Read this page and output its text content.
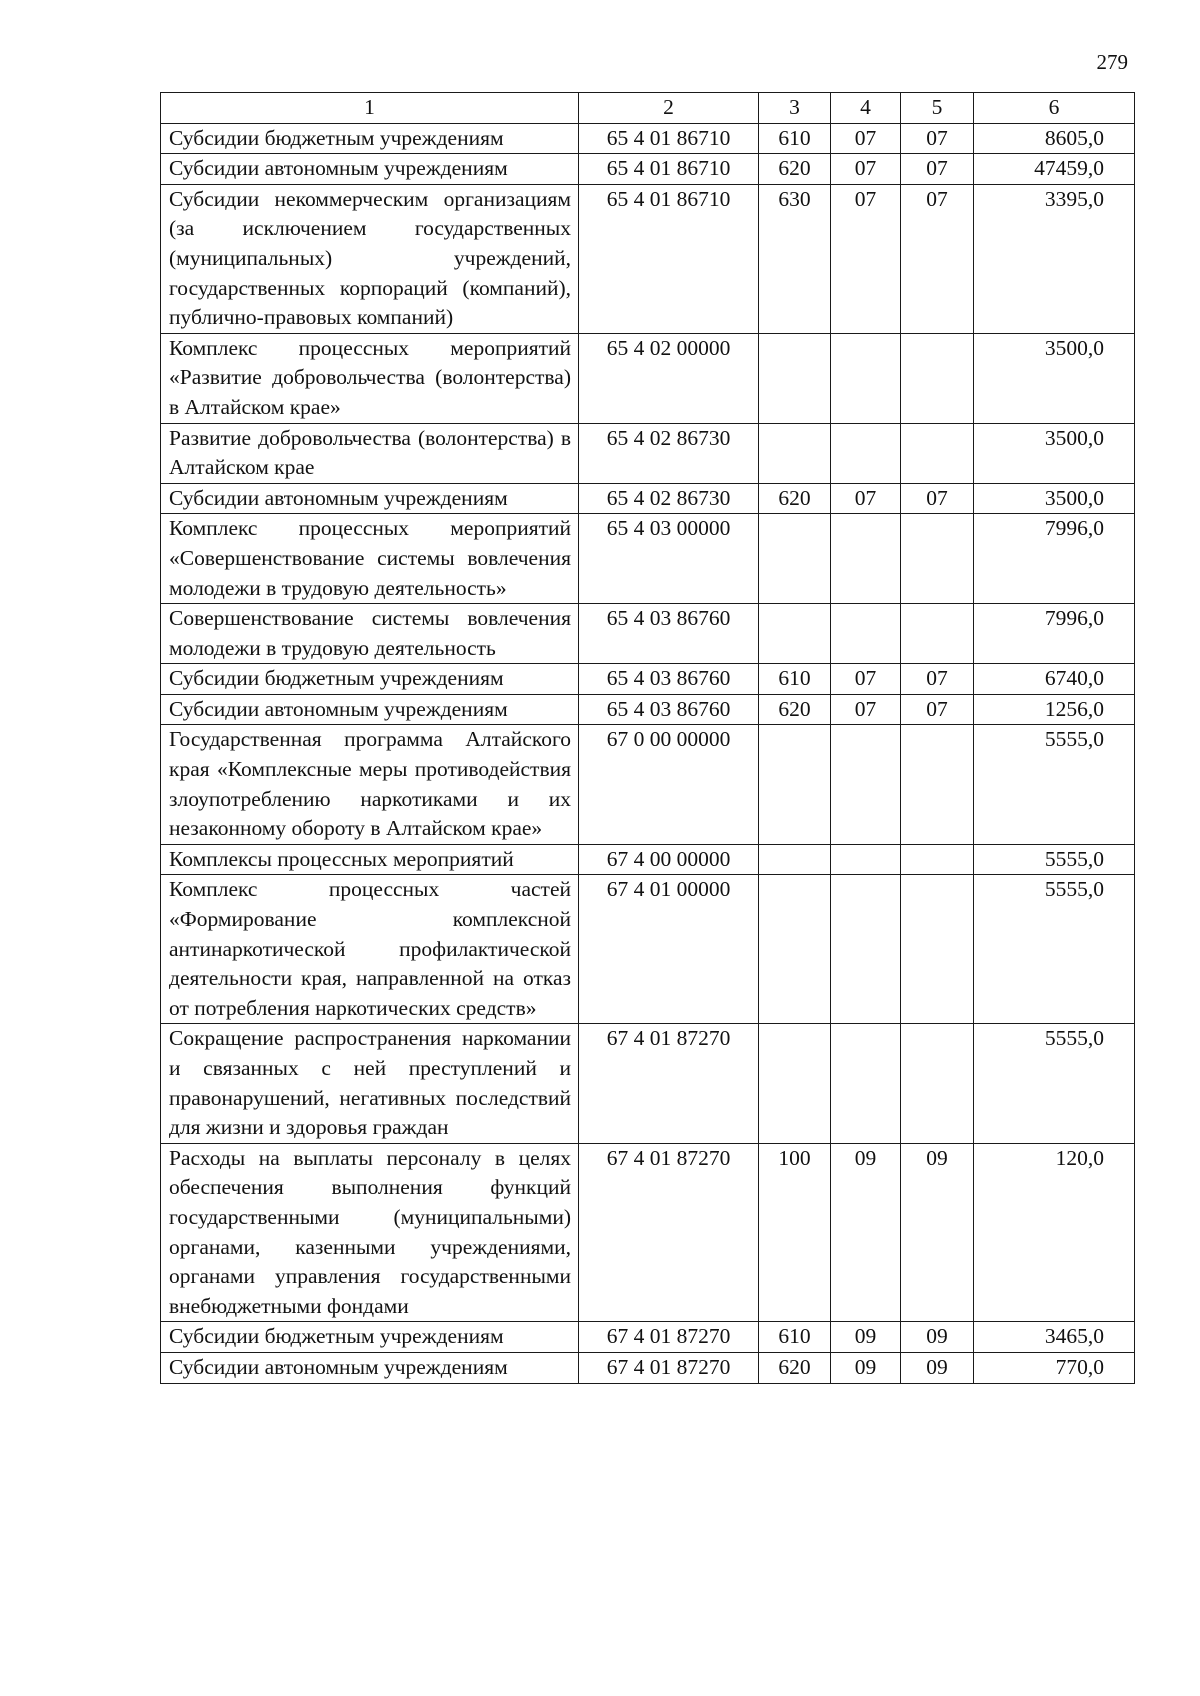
279
1	2	3	4	5	6
Субсидии бюджетным учреждениям	65 4 01 86710	610	07	07	8605,0
Субсидии автономным учреждениям	65 4 01 86710	620	07	07	47459,0
Субсидии некоммерческим организациям (за исключением государственных (муниципальных) учреждений, государственных корпораций (компаний), публично-правовых компаний)	65 4 01 86710	630	07	07	3395,0
Комплекс процессных мероприятий «Развитие добровольчества (волонтерства) в Алтайском крае»	65 4 02 00000				3500,0
Развитие добровольчества (волонтерства) в Алтайском крае	65 4 02 86730				3500,0
Субсидии автономным учреждениям	65 4 02 86730	620	07	07	3500,0
Комплекс процессных мероприятий «Совершенствование системы вовлечения молодежи в трудовую деятельность»	65 4 03 00000				7996,0
Совершенствование системы вовлечения молодежи в трудовую деятельность	65 4 03 86760				7996,0
Субсидии бюджетным учреждениям	65 4 03 86760	610	07	07	6740,0
Субсидии автономным учреждениям	65 4 03 86760	620	07	07	1256,0
Государственная программа Алтайского края «Комплексные меры противодействия злоупотреблению наркотиками и их незаконному обороту в Алтайском крае»	67 0 00 00000				5555,0
Комплексы процессных мероприятий	67 4 00 00000				5555,0
Комплекс процессных частей «Формирование комплексной антинаркотической профилактической деятельности края, направленной на отказ от потребления наркотических средств»	67 4 01 00000				5555,0
Сокращение распространения наркомании и связанных с ней преступлений и правонарушений, негативных последствий для жизни и здоровья граждан	67 4 01 87270				5555,0
Расходы на выплаты персоналу в целях обеспечения выполнения функций государственными (муниципальными) органами, казенными учреждениями, органами управления государственными внебюджетными фондами	67 4 01 87270	100	09	09	120,0
Субсидии бюджетным учреждениям	67 4 01 87270	610	09	09	3465,0
Субсидии автономным учреждениям	67 4 01 87270	620	09	09	770,0
